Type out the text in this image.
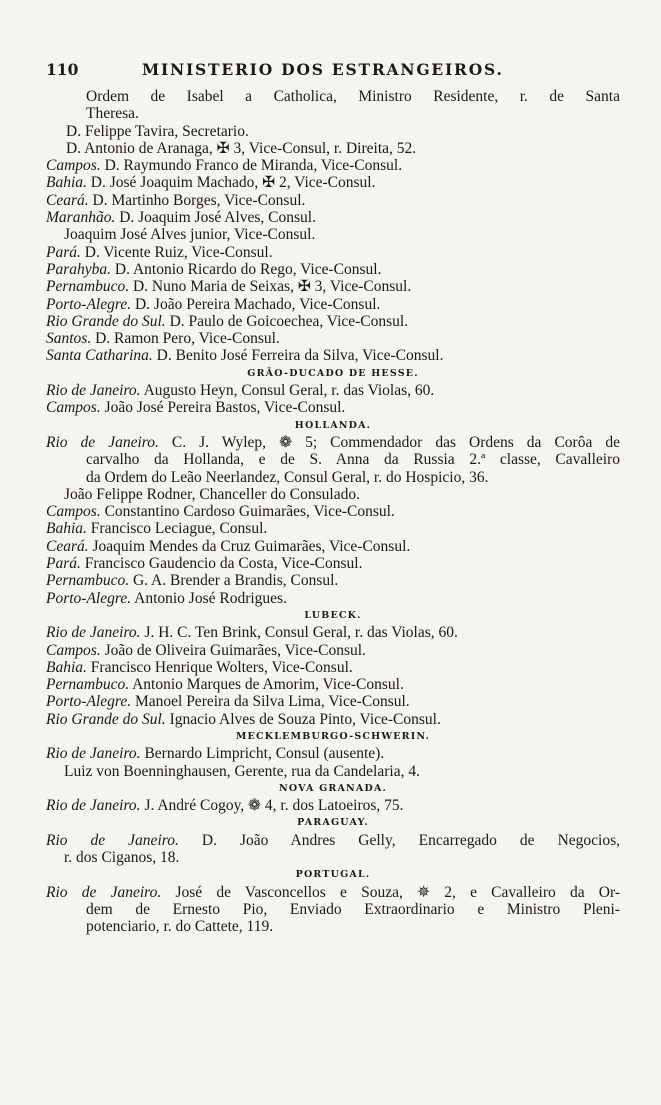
110	MINISTERIO DOS ESTRANGEIROS.
Ordem de Isabel a Catholica, Ministro Residente, r. de Santa
Theresa.
D. Felippe Tavira, Secretario.
D. Antonio de Aranaga, ✠ 3, Vice-Consul, r. Direita, 52.
Campos. D. Raymundo Franco de Miranda, Vice-Consul.
Bahia. D. José Joaquim Machado, ✠ 2, Vice-Consul.
Ceará. D. Martinho Borges, Vice-Consul.
Maranhão. D. Joaquim José Alves, Consul.
Joaquim José Alves junior, Vice-Consul.
Pará. D. Vicente Ruiz, Vice-Consul.
Parahyba. D. Antonio Ricardo do Rego, Vice-Consul.
Pernambuco. D. Nuno Maria de Seixas, ✠ 3, Vice-Consul.
Porto-Alegre. D. João Pereira Machado, Vice-Consul.
Rio Grande do Sul. D. Paulo de Goicoechea, Vice-Consul.
Santos. D. Ramon Pero, Vice-Consul.
Santa Catharina. D. Benito José Ferreira da Silva, Vice-Consul.
GRÃO-DUCADO DE HESSE.
Rio de Janeiro. Augusto Heyn, Consul Geral, r. das Violas, 60.
Campos. João José Pereira Bastos, Vice-Consul.
HOLLANDA.
Rio de Janeiro. C. J. Wylep, ❁ 5; Commendador das Ordens da Corôa de
carvalho da Hollanda, e de S. Anna da Russia 2.ª classe, Cavalleiro
da Ordem do Leão Neerlandez, Consul Geral, r. do Hospicio, 36.
João Felippe Rodner, Chanceller do Consulado.
Campos. Constantino Cardoso Guimarães, Vice-Consul.
Bahia. Francisco Leciague, Consul.
Ceará. Joaquim Mendes da Cruz Guimarães, Vice-Consul.
Pará. Francisco Gaudencio da Costa, Vice-Consul.
Pernambuco. G. A. Brender a Brandis, Consul.
Porto-Alegre. Antonio José Rodrigues.
LUBECK.
Rio de Janeiro. J. H. C. Ten Brink, Consul Geral, r. das Violas, 60.
Campos. João de Oliveira Guimarães, Vice-Consul.
Bahia. Francisco Henrique Wolters, Vice-Consul.
Pernambuco. Antonio Marques de Amorim, Vice-Consul.
Porto-Alegre. Manoel Pereira da Silva Lima, Vice-Consul.
Rio Grande do Sul. Ignacio Alves de Souza Pinto, Vice-Consul.
MECKLEMBURGO-SCHWERIN.
Rio de Janeiro. Bernardo Limpricht, Consul (ausente).
Luiz von Boenninghausen, Gerente, rua da Candelaria, 4.
NOVA GRANADA.
Rio de Janeiro. J. André Cogoy, ❁ 4, r. dos Latoeiros, 75.
PARAGUAY.
Rio de Janeiro. D. João Andres Gelly, Encarregado de Negocios,
r. dos Ciganos, 18.
PORTUGAL.
Rio de Janeiro. José de Vasconcellos e Souza, ✵ 2, e Cavalleiro da Or-
dem de Ernesto Pio, Enviado Extraordinario e Ministro Pleni-
potenciario, r. do Cattete, 119.
